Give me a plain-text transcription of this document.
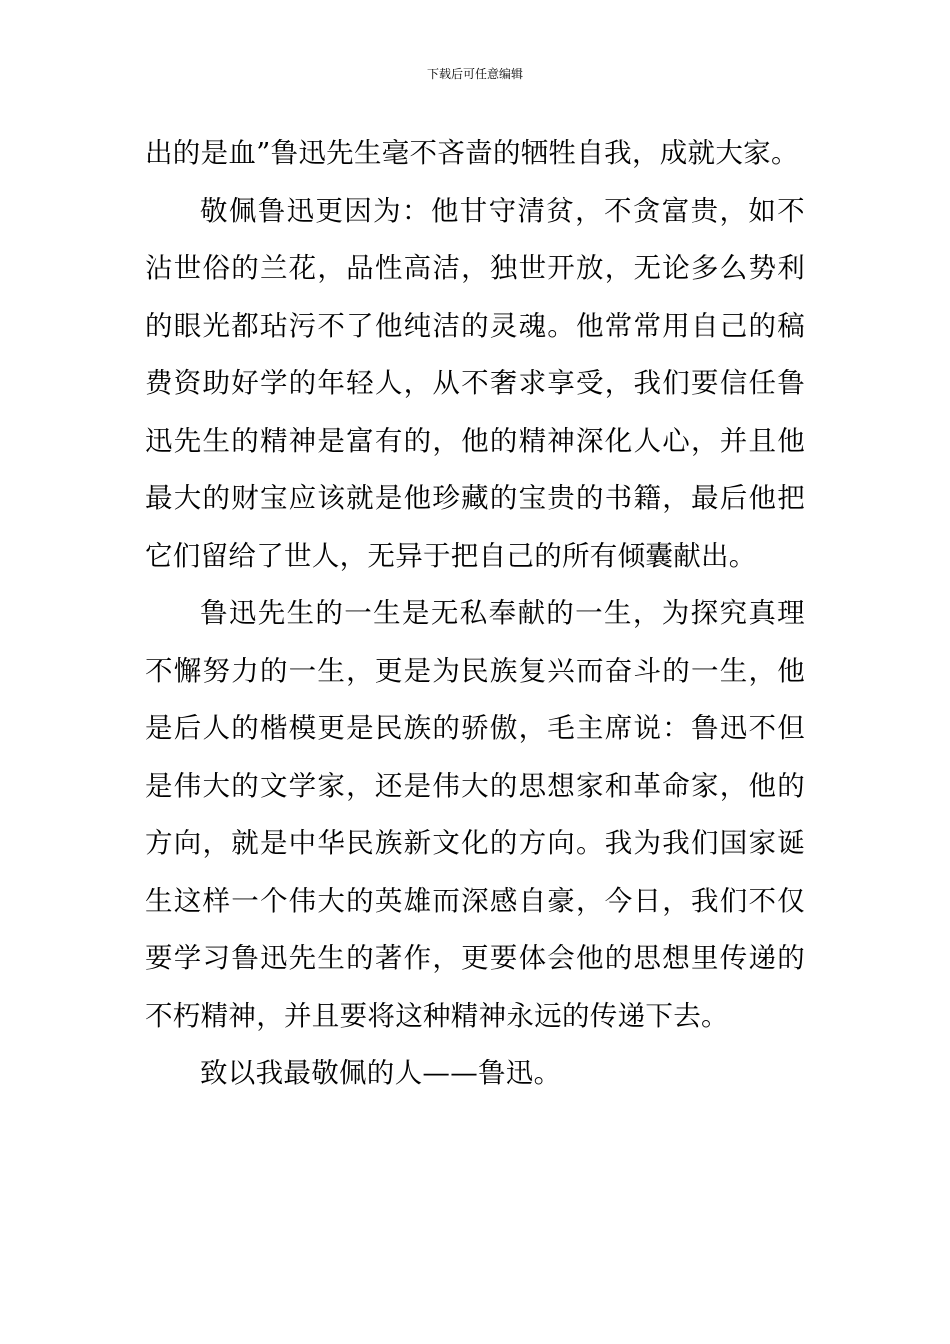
下载后可任意编辑

出的是血”鲁迅先生毫不吝啬的牺牲自我，成就大家。

敬佩鲁迅更因为：他甘守清贫，不贪富贵，如不沾世俗的兰花，品性高洁，独世开放，无论多么势利的眼光都玷污不了他纯洁的灵魂。他常常用自己的稿费资助好学的年轻人，从不奢求享受，我们要信任鲁迅先生的精神是富有的，他的精神深化人心，并且他最大的财宝应该就是他珍藏的宝贵的书籍，最后他把它们留给了世人，无异于把自己的所有倾囊献出。

鲁迅先生的一生是无私奉献的一生，为探究真理不懈努力的一生，更是为民族复兴而奋斗的一生，他是后人的楷模更是民族的骄傲，毛主席说：鲁迅不但是伟大的文学家，还是伟大的思想家和革命家，他的方向，就是中华民族新文化的方向。我为我们国家诞生这样一个伟大的英雄而深感自豪，今日，我们不仅要学习鲁迅先生的著作，更要体会他的思想里传递的不朽精神，并且要将这种精神永远的传递下去。

致以我最敬佩的人——鲁迅。
